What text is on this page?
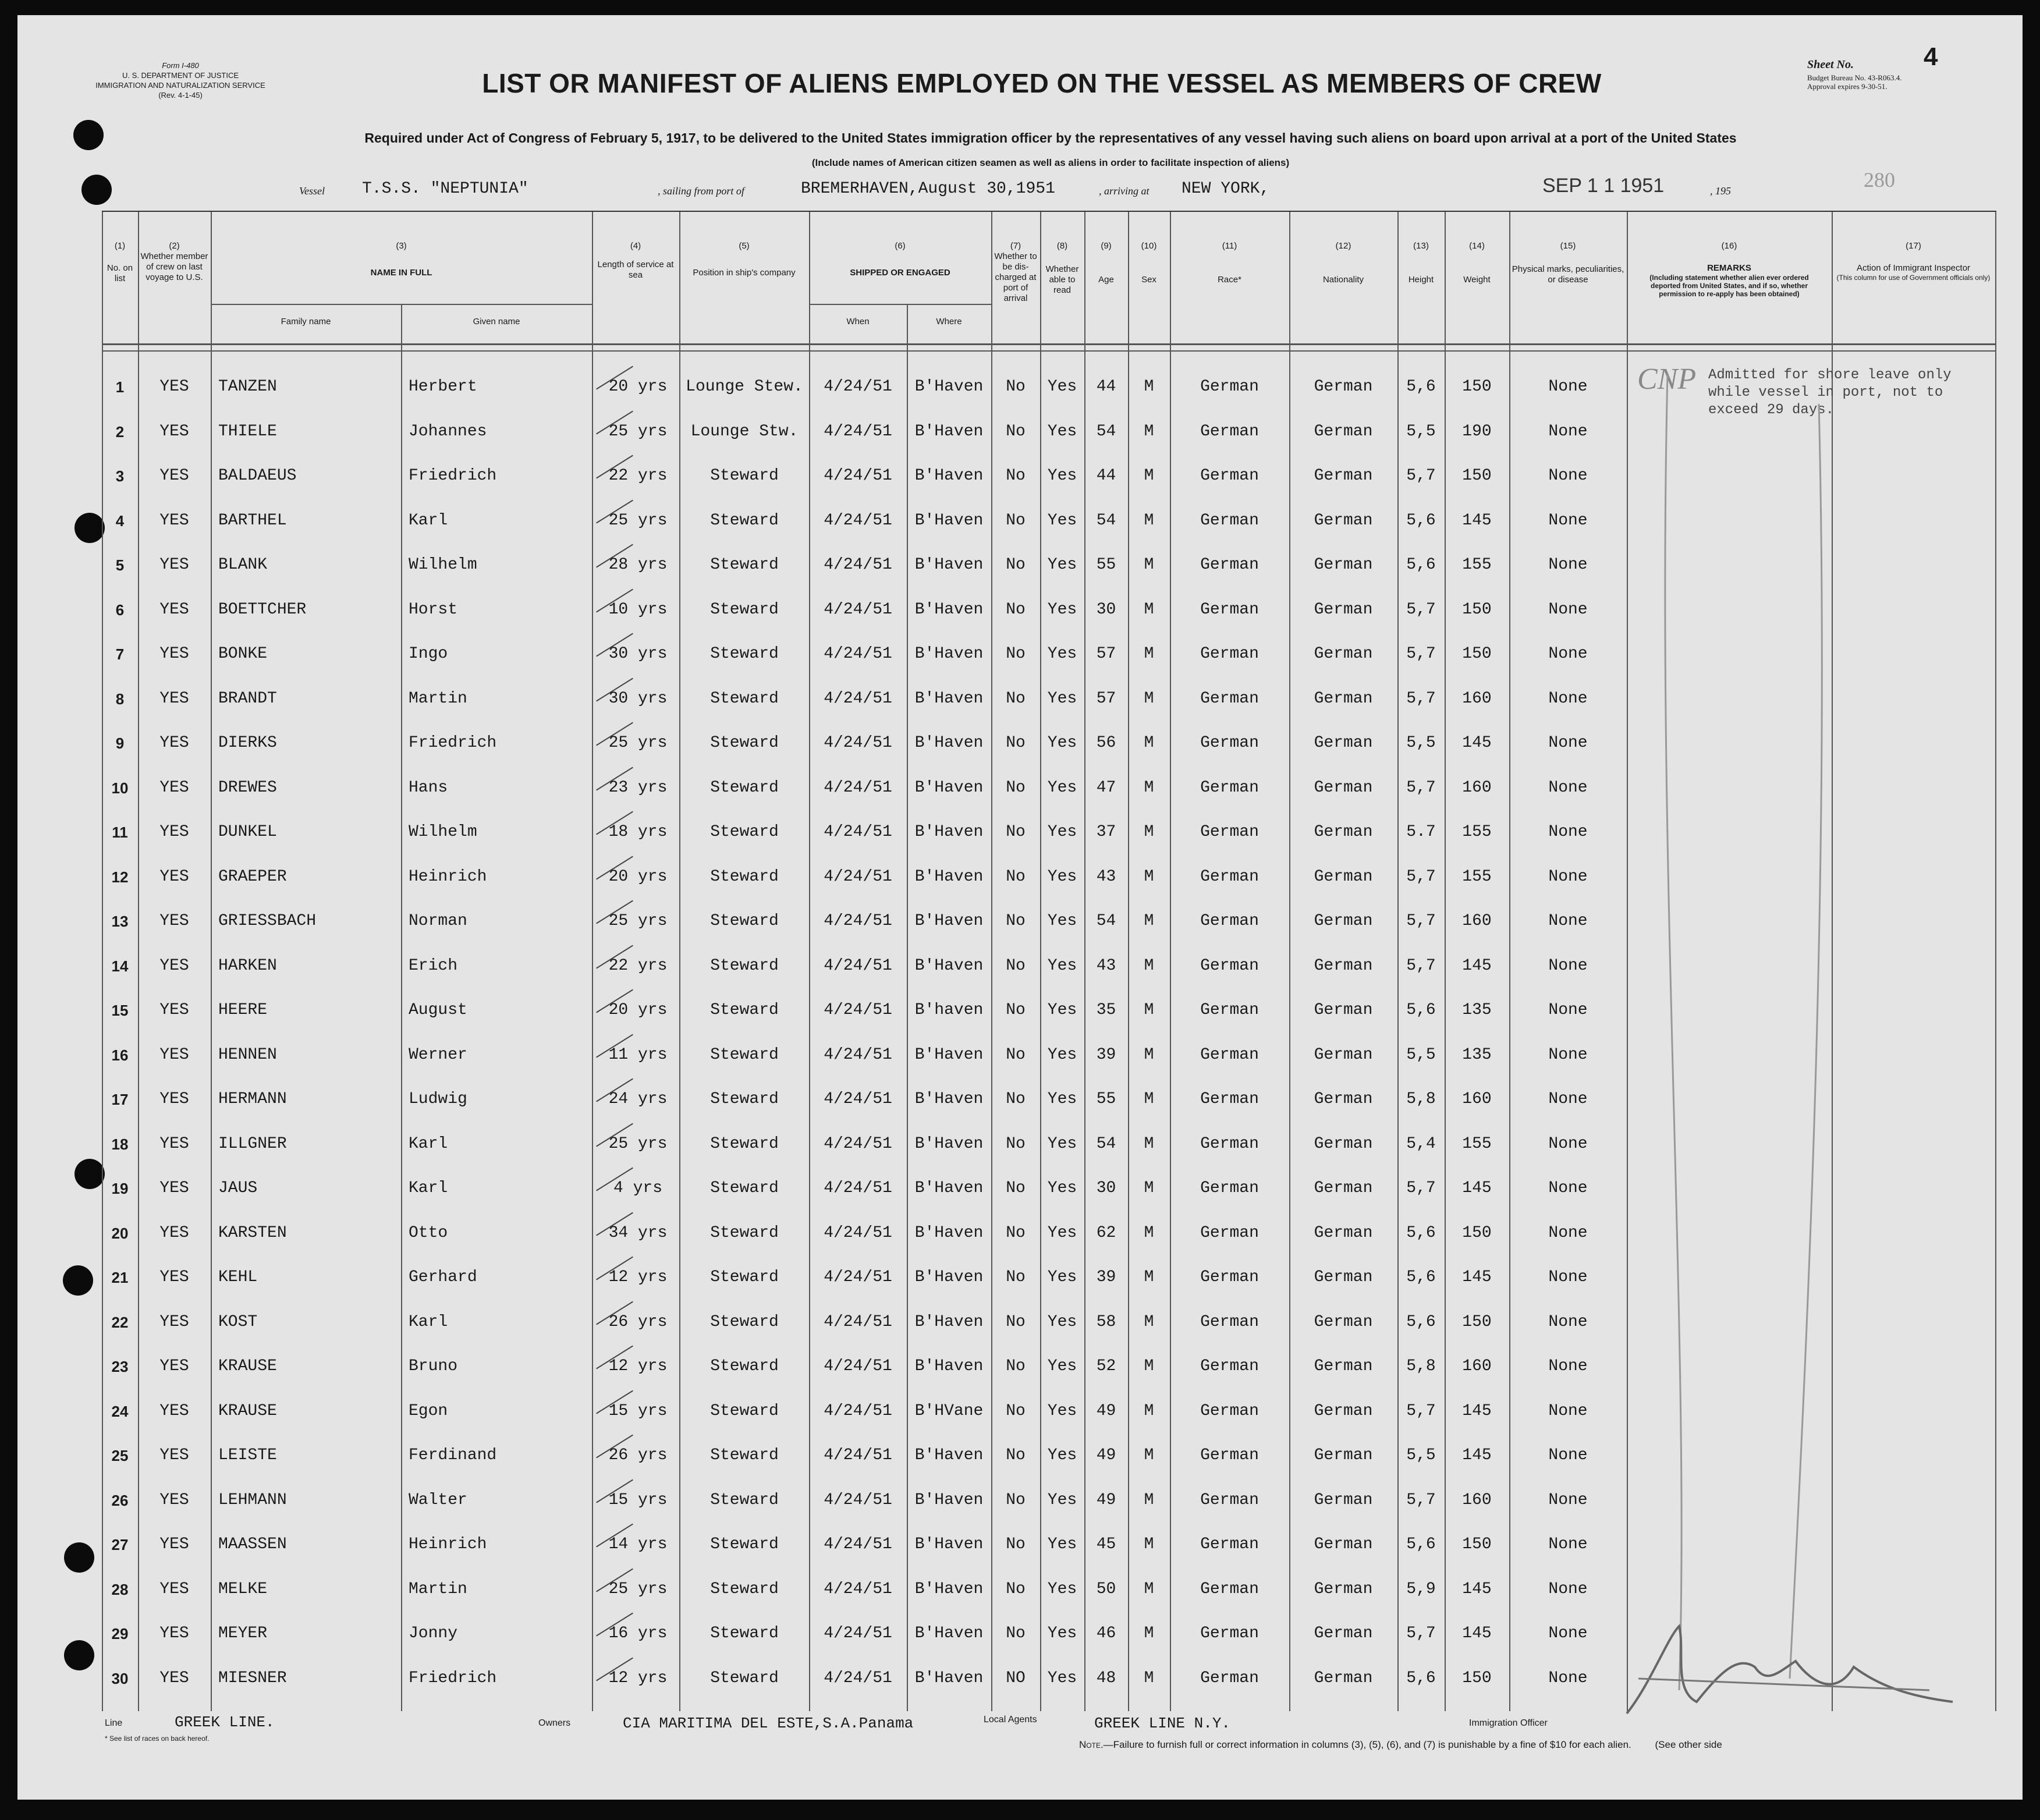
Form I-480
U. S. DEPARTMENT OF JUSTICE
IMMIGRATION AND NATURALIZATION SERVICE
(Rev. 4-1-45)	LIST OR MANIFEST OF ALIENS EMPLOYED ON THE VESSEL AS MEMBERS OF CREW
Required under Act of Congress of February 5, 1917, to be delivered to the United States immigration officer by the representatives of any vessel having such aliens on board upon arrival at a port of the United States
(Include names of American citizen seamen as well as aliens in order to facilitate inspection of aliens)
Sheet No.	4
Budget Bureau No. 43-R063.4.
Approval expires 9-30-51.
Vessel T.S.S. "NEPTUNIA"	, sailing from port of	BREMERHAVEN,August 30,1951	, arriving at NEW YORK,	SEP 1 1 1951	, 195	280
(1)
No. on list
(2)
Whether member of crew on last voyage to U.S.
(3)
NAME IN FULL
Family name	Given name
(4)
Length of service at sea
(5)
Position in ship's company
(6)
SHIPPED OR ENGAGED
When	Where
(7)
Whether to be dis-charged at port of arrival
(8)
Whether able to read
(9)
Age
(10)
Sex
(11)
Race*
(12)
Nationality
(13)
Height
(14)
Weight
(15)
Physical marks, peculiarities, or disease
(16)
REMARKS
(Including statement whether alien ever ordered deported from United States, and if so, whether permission to re-apply has been obtained)
(17)
Action of Immigrant Inspector
(This column for use of Government officials only)
1	YES	TANZEN	Herbert	20 yrs	Lounge Stew.	4/24/51	B'Haven	No	Yes	44	M	German	German	5,6	150	None
2	YES	THIELE	Johannes	25 yrs	Lounge Stw.	4/24/51	B'Haven	No	Yes	54	M	German	German	5,5	190	None
3	YES	BALDAEUS	Friedrich	22 yrs	Steward	4/24/51	B'Haven	No	Yes	44	M	German	German	5,7	150	None
4	YES	BARTHEL	Karl	25 yrs	Steward	4/24/51	B'Haven	No	Yes	54	M	German	German	5,6	145	None
5	YES	BLANK	Wilhelm	28 yrs	Steward	4/24/51	B'Haven	No	Yes	55	M	German	German	5,6	155	None
6	YES	BOETTCHER	Horst	10 yrs	Steward	4/24/51	B'Haven	No	Yes	30	M	German	German	5,7	150	None
7	YES	BONKE	Ingo	30 yrs	Steward	4/24/51	B'Haven	No	Yes	57	M	German	German	5,7	150	None
8	YES	BRANDT	Martin	30 yrs	Steward	4/24/51	B'Haven	No	Yes	57	M	German	German	5,7	160	None
9	YES	DIERKS	Friedrich	25 yrs	Steward	4/24/51	B'Haven	No	Yes	56	M	German	German	5,5	145	None
10	YES	DREWES	Hans	23 yrs	Steward	4/24/51	B'Haven	No	Yes	47	M	German	German	5,7	160	None
11	YES	DUNKEL	Wilhelm	18 yrs	Steward	4/24/51	B'Haven	No	Yes	37	M	German	German	5.7	155	None
12	YES	GRAEPER	Heinrich	20 yrs	Steward	4/24/51	B'Haven	No	Yes	43	M	German	German	5,7	155	None
13	YES	GRIESSBACH	Norman	25 yrs	Steward	4/24/51	B'Haven	No	Yes	54	M	German	German	5,7	160	None
14	YES	HARKEN	Erich	22 yrs	Steward	4/24/51	B'Haven	No	Yes	43	M	German	German	5,7	145	None
15	YES	HEERE	August	20 yrs	Steward	4/24/51	B'haven	No	Yes	35	M	German	German	5,6	135	None
16	YES	HENNEN	Werner	11 yrs	Steward	4/24/51	B'Haven	No	Yes	39	M	German	German	5,5	135	None
17	YES	HERMANN	Ludwig	24 yrs	Steward	4/24/51	B'Haven	No	Yes	55	M	German	German	5,8	160	None
18	YES	ILLGNER	Karl	25 yrs	Steward	4/24/51	B'Haven	No	Yes	54	M	German	German	5,4	155	None
19	YES	JAUS	Karl	4 yrs	Steward	4/24/51	B'Haven	No	Yes	30	M	German	German	5,7	145	None
20	YES	KARSTEN	Otto	34 yrs	Steward	4/24/51	B'Haven	No	Yes	62	M	German	German	5,6	150	None
21	YES	KEHL	Gerhard	12 yrs	Steward	4/24/51	B'Haven	No	Yes	39	M	German	German	5,6	145	None
22	YES	KOST	Karl	26 yrs	Steward	4/24/51	B'Haven	No	Yes	58	M	German	German	5,6	150	None
23	YES	KRAUSE	Bruno	12 yrs	Steward	4/24/51	B'Haven	No	Yes	52	M	German	German	5,8	160	None
24	YES	KRAUSE	Egon	15 yrs	Steward	4/24/51	B'HVane	No	Yes	49	M	German	German	5,7	145	None
25	YES	LEISTE	Ferdinand	26 yrs	Steward	4/24/51	B'Haven	No	Yes	49	M	German	German	5,5	145	None
26	YES	LEHMANN	Walter	15 yrs	Steward	4/24/51	B'Haven	No	Yes	49	M	German	German	5,7	160	None
27	YES	MAASSEN	Heinrich	14 yrs	Steward	4/24/51	B'Haven	No	Yes	45	M	German	German	5,6	150	None
28	YES	MELKE	Martin	25 yrs	Steward	4/24/51	B'Haven	No	Yes	50	M	German	German	5,9	145	None
29	YES	MEYER	Jonny	16 yrs	Steward	4/24/51	B'Haven	No	Yes	46	M	German	German	5,7	145	None
30	YES	MIESNER	Friedrich	12 yrs	Steward	4/24/51	B'Haven	NO	Yes	48	M	German	German	5,6	150	None
CNP Admitted for shore leave only
while vessel in port, not to
exceed 29 days.
Line	GREEK LINE.
* See list of races on back hereof.
Owners	CIA MARITIMA DEL ESTE,S.A.Panama	Local Agents	GREEK LINE N.Y.	Immigration Officer
Note.—Failure to furnish full or correct information in columns (3), (5), (6), and (7) is punishable by a fine of $10 for each alien. (See other side
